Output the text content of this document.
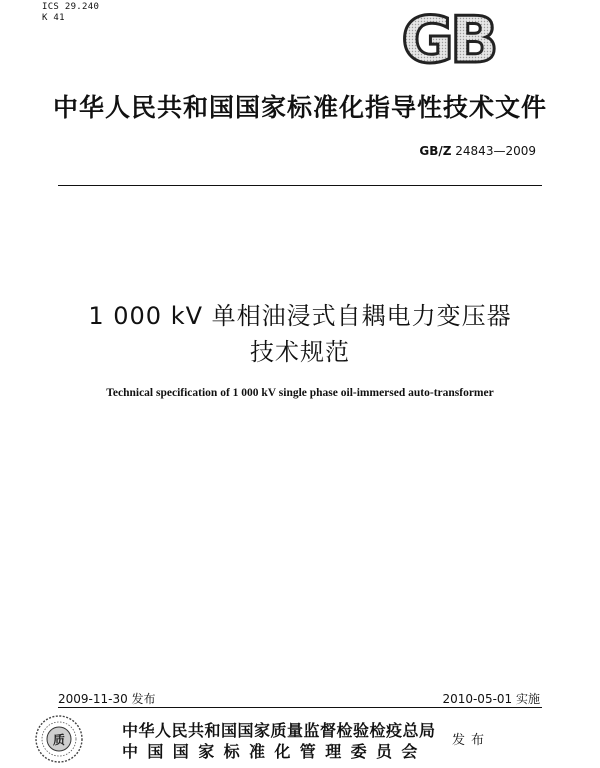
ICS 29.240
K 41	GB
中华人民共和国国家标准化指导性技术文件
GB/Z 24843—2009
1 000 kV 单相油浸式自耦电力变压器
技术规范
Technical specification of 1 000 kV single phase oil-immersed auto-transformer
2009-11-30 发布	2010-05-01 实施
质	中华人民共和国国家质量监督检验检疫总局
中国国家标准化管理委员会
发布
